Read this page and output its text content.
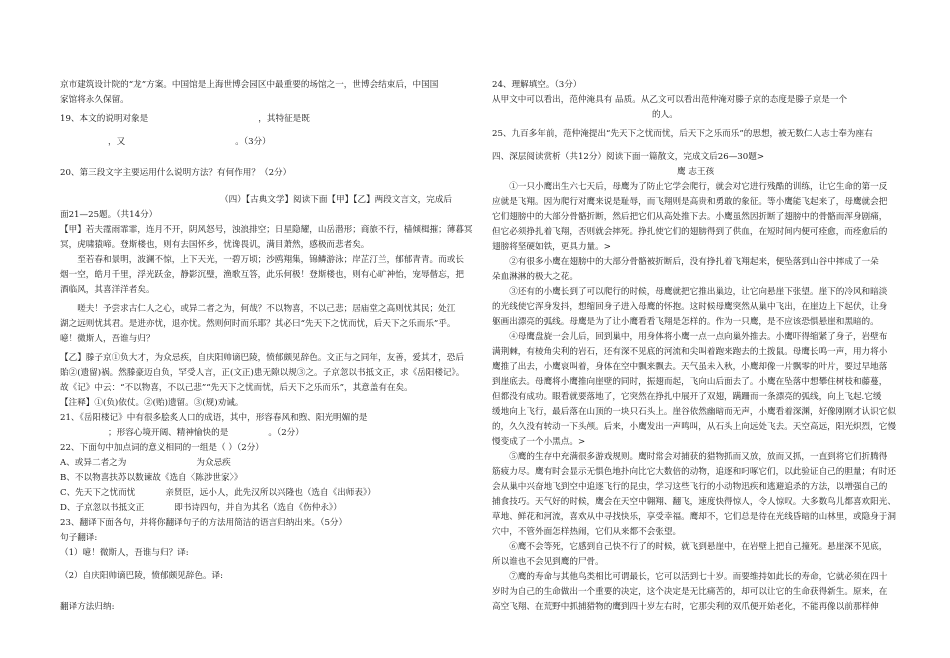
京市建筑设计院的“龙”方案。中国馆是上海世博会园区中最重要的场馆之一，世博会结束后，中国国
家馆将永久保留。
19、本文的说明对象是	，其特征是既
，又	。（3分）
20、第三段文字主要运用什么说明方法？有何作用？（2分）
（四）【古典文学】阅读下面【甲】【乙】两段文言文，完成后
面21—25题。（共14分）
【甲】若夫霪雨霏霏，连月不开，阴风怒号，浊浪排空；日星隐耀，山岳潜形；商旅不行，樯倾楫摧；薄暮冥
冥，虎啸猿啼。登斯楼也，则有去国怀乡，忧谗畏讥，满目萧然，感极而悲者矣。
至若春和景明，波澜不惊，上下天光，一碧万顷；沙鸥翔集，锦鳞游泳；岸芷汀兰，郁郁青青。而或长
烟一空，皓月千里，浮光跃金，静影沉璧，渔歌互答，此乐何极！登斯楼也，则有心旷神怡，宠辱偕忘，把
酒临风，其喜洋洋者矣。
嗟夫！予尝求古仁人之心，或异二者之为，何哉？不以物喜，不以己悲；居庙堂之高则忧其民；处江
湖之远则忧其君。是进亦忧，退亦忧。然则何时而乐耶？其必曰“先天下之忧而忧，后天下之乐而乐”乎。
噫！微斯人，吾谁与归？
【乙】滕子京①负大才，为众忌疾，自庆阳帅谪巴陵，愤郁颇见辞色。文正与之同年，友善，爱其才，恐后
貽②(遗留)祸。然滕豪迈自负，罕受人言，正(文正)患无隙以规③之。子京忽以书抵文正，求《岳阳楼记》。
故《记》中云：“不以物喜，不以己悲”“先天下之忧而忧，后天下之乐而乐”，其意盖有在矣。
【注释】①(负)依仗。②(贻)遗留。③(规)劝诫。
21、《岳阳楼记》中有很多脍炙人口的成语，其中，形容春风和煦、阳光明媚的是
；形容心境开阔、精神愉快的是	。（2分）
22、下面句中加点词的意义相同的一组是（ ）（2分）
A、或异二者之为	为众忌疾
B、不以物喜扶苏以数谏故《选自〈陈涉世家〉》
C、先天下之忧而忧	亲贤臣，远小人，此先汉所以兴隆也（选自《出师表》）
D、子京忽以书抵文正	即书诗四句，并自为其名（选自《伤仲永》）
23、翻译下面各句，并将你翻译句子的方法用简洁的语言归纳出来。（5分）
句子翻译:
（1）噫！微斯人，吾谁与归？译:
（2）自庆阳帅谪巴陵，愤郁颇见辞色。译:
翻译方法归纳:
24、理解填空。（3分）
从甲文中可以看出，范仲淹具有 品质。从乙文可以看出范仲淹对滕子京的态度是滕子京是一个
的人。
25、九百多年前，范仲淹提出“先天下之忧而忧，后天下之乐而乐”的思想，被无数仁人志士奉为座右
四、深层阅读赏析（共12分）阅读下面一篇散文，完成文后26—30题>
鹰 志王孩
①一只小鹰出生六七天后，母鹰为了防止它学会爬行，就会对它进行残酷的训练，让它生命的第一反
应就是飞翔。因为爬行对鹰来说是耻辱，而飞翔则是高贵和勇敢的象征。等小鹰能飞起来了，母鹰就会把
它们翅膀中的大部分骨骼折断，然后把它们从高处推下去。小鹰虽然因折断了翅膀中的骨骼而浑身剧痛，
但它必须挣扎着飞翔，否则就会摔死。挣扎使它们的翅膀得到了供血，在短时间内便可痊愈，而痊愈后的
翅膀将坚硬如铁，更具力量。>
②有很多小鹰在翅膀中的大部分骨骼被折断后，没有挣扎着飞翔起来，便坠落到山谷中摔成了一朵
朵血淋淋的极大之花。
③还有的小鹰长到了可以爬行的时候，母鹰就把它推出巢边，让它向悬崖下张望。崖下的冷风和暗淡
的光线使它浑身发抖，想缩回身子进入母鹰的怀抱。这时候母鹰突然从巢中飞出，在崖边上下起伏，让身
躯画出漂亮的弧线。母鹰是为了让小鹰看看飞翔是怎样的。作为一只鹰，是不应该恐惧悬崖和黑暗的。
④母鹰盘旋一会儿后，回到巢中，用身体将小鹰一点一点向巢外推去。小鹰吓得缩紧了身子，岩壁布
满荆棘，有棱角尖利的岩石，还有深不见底的河流和尖叫着跑来跑去的土拨鼠。母鹰长鸣一声，用力将小
鹰推了出去，小鹰哀叫着，身体在空中飘来飘去。天气虽未入秋，小鹰却像一片飘零的叶片，要过早地落
到崖底去。母鹰将小鹰推向崖壁的同时，振翅而起，飞向山后面去了。小鹰在坠落中想攀住树枝和藤蔓，
但都没有成功。眼看就要落地了，它突然在挣扎中展开了双翅，蹒跚而一条漂亮的弧线，向上飞起.它缓
缓地向上飞行，最后落在山顶的一块只石头上。崖谷依然幽暗而无声，小鹰看着深渊，好像刚刚才认识它似
的，久久没有转动一下头颅。后来，小鹰发出一声鸣叫，从石头上向远处飞去。天空高远，阳光炽烈，它慢
慢变成了一个小黑点。>
⑤鹰的生存中充满很多游戏规则。鹰时常会对捕获的猎物抓而又放，放而又抓，一直到将它们折腾得
筋疲力尽。鹰有时会显示无惧色地扑向比它大数倍的动物，追逐和叼啄它们，以此验证自己的胆量；有时还
会从巢中兴奋地飞到空中追逐飞行的昆虫，学习这些飞行的小动物迅疾和逃避追杀的方法，以增强自己的
捕食技巧。天气好的时候，鹰会在天空中翱翔、翻飞，速度快得惊人，令人惊叹。大多数鸟儿都喜欢阳光、
草地、鲜花和河流，喜欢从中寻找快乐，享受幸福。鹰却不，它们总是待在光线昏暗的山林里，或隐身于洞
穴中，不管外面怎样热闹，它们从来都不会张望。
⑥鹰不会等死，它感到自己快不行了的时候，就飞到悬崖中，在岩壁上把自己撞死。悬崖深不见底，
所以谁也不会见到鹰的尸骨。
⑦鹰的寿命与其他鸟类相比可谓最长，它可以活到七十岁。而要维持如此长的寿命，它就必须在四十
岁时为自己的生命做出一个重要的决定，这个决定是无比痛苦的，却可以让它的生命获得新生。原来，在
高空飞翔、在荒野中抓捕猎物的鹰到四十岁左右时，它那尖利的双爪便开始老化，不能再像以前那样伸
